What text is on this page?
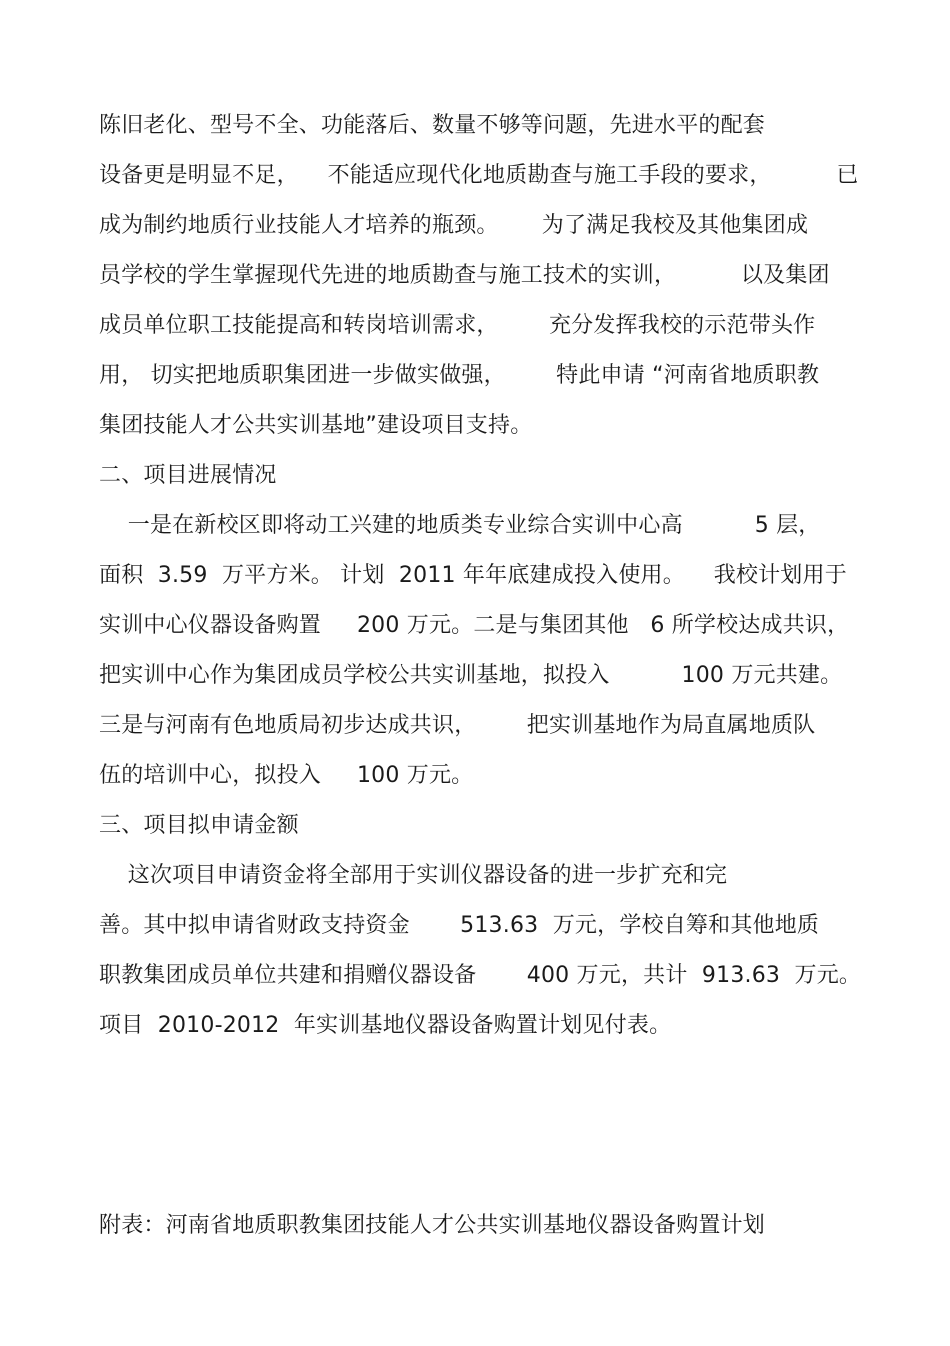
陈旧老化、型号不全、功能落后、数量不够等问题，先进水平的配套
设备更是明显不足，    不能适应现代化地质勘查与施工手段的要求，         已
成为制约地质行业技能人才培养的瓶颈。      为了满足我校及其他集团成
员学校的学生掌握现代先进的地质勘查与施工技术的实训，         以及集团
成员单位职工技能提高和转岗培训需求，       充分发挥我校的示范带头作
用， 切实把地质职集团进一步做实做强，       特此申请 “河南省地质职教
集团技能人才公共实训基地”建设项目支持。
二、项目进展情况
一是在新校区即将动工兴建的地质类专业综合实训中心高          5 层，
面积  3.59  万平方米。 计划  2011 年年底建成投入使用。    我校计划用于
实训中心仪器设备购置     200 万元。二是与集团其他   6 所学校达成共识，
把实训中心作为集团成员学校公共实训基地，拟投入          100 万元共建。
三是与河南有色地质局初步达成共识，       把实训基地作为局直属地质队
伍的培训中心，拟投入     100 万元。
三、项目拟申请金额
这次项目申请资金将全部用于实训仪器设备的进一步扩充和完
善。其中拟申请省财政支持资金       513.63  万元，学校自筹和其他地质
职教集团成员单位共建和捐赠仪器设备       400 万元，共计  913.63  万元。
项目  2010-2012  年实训基地仪器设备购置计划见付表。
附表：河南省地质职教集团技能人才公共实训基地仪器设备购置计划
